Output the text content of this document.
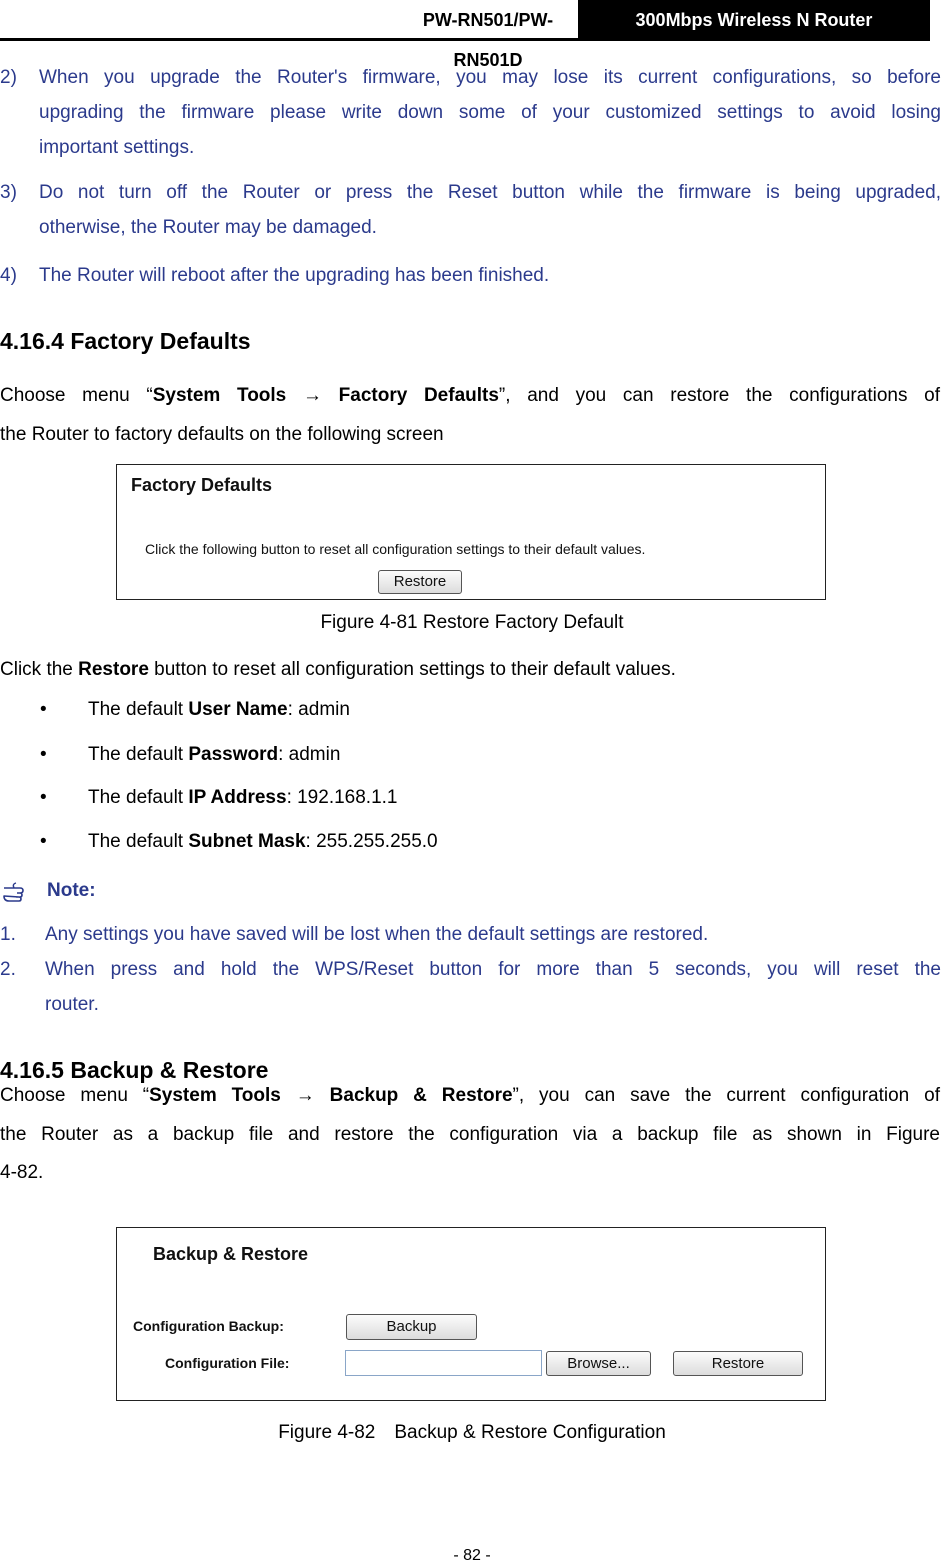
PW-RN501/PW-RN501D
300Mbps Wireless N Router
2) When you upgrade the Router's firmware, you may lose its current configurations, so before
upgrading the firmware please write down some of your customized settings to avoid losing
important settings.
3) Do not turn off the Router or press the Reset button while the firmware is being upgraded,
otherwise, the Router may be damaged.
4) The Router will reboot after the upgrading has been finished.
4.16.4 Factory Defaults
Choose menu “System Tools → Factory Defaults”, and you can restore the configurations of
the Router to factory defaults on the following screen
Factory Defaults
Click the following button to reset all configuration settings to their default values.
Restore
Figure 4-81 Restore Factory Default
Click the Restore button to reset all configuration settings to their default values.
• The default User Name: admin
• The default Password: admin
• The default IP Address: 192.168.1.1
• The default Subnet Mask: 255.255.255.0
Note:
1. Any settings you have saved will be lost when the default settings are restored.
2. When press and hold the WPS/Reset button for more than 5 seconds, you will reset the
router.
4.16.5 Backup & Restore
Choose menu “System Tools → Backup & Restore”, you can save the current configuration of
the Router as a backup file and restore the configuration via a backup file as shown in Figure
4-82.
Backup & Restore
Configuration Backup:	Backup
Configuration File:	Browse...	Restore
Figure 4-82　Backup & Restore Configuration
- 82 -
